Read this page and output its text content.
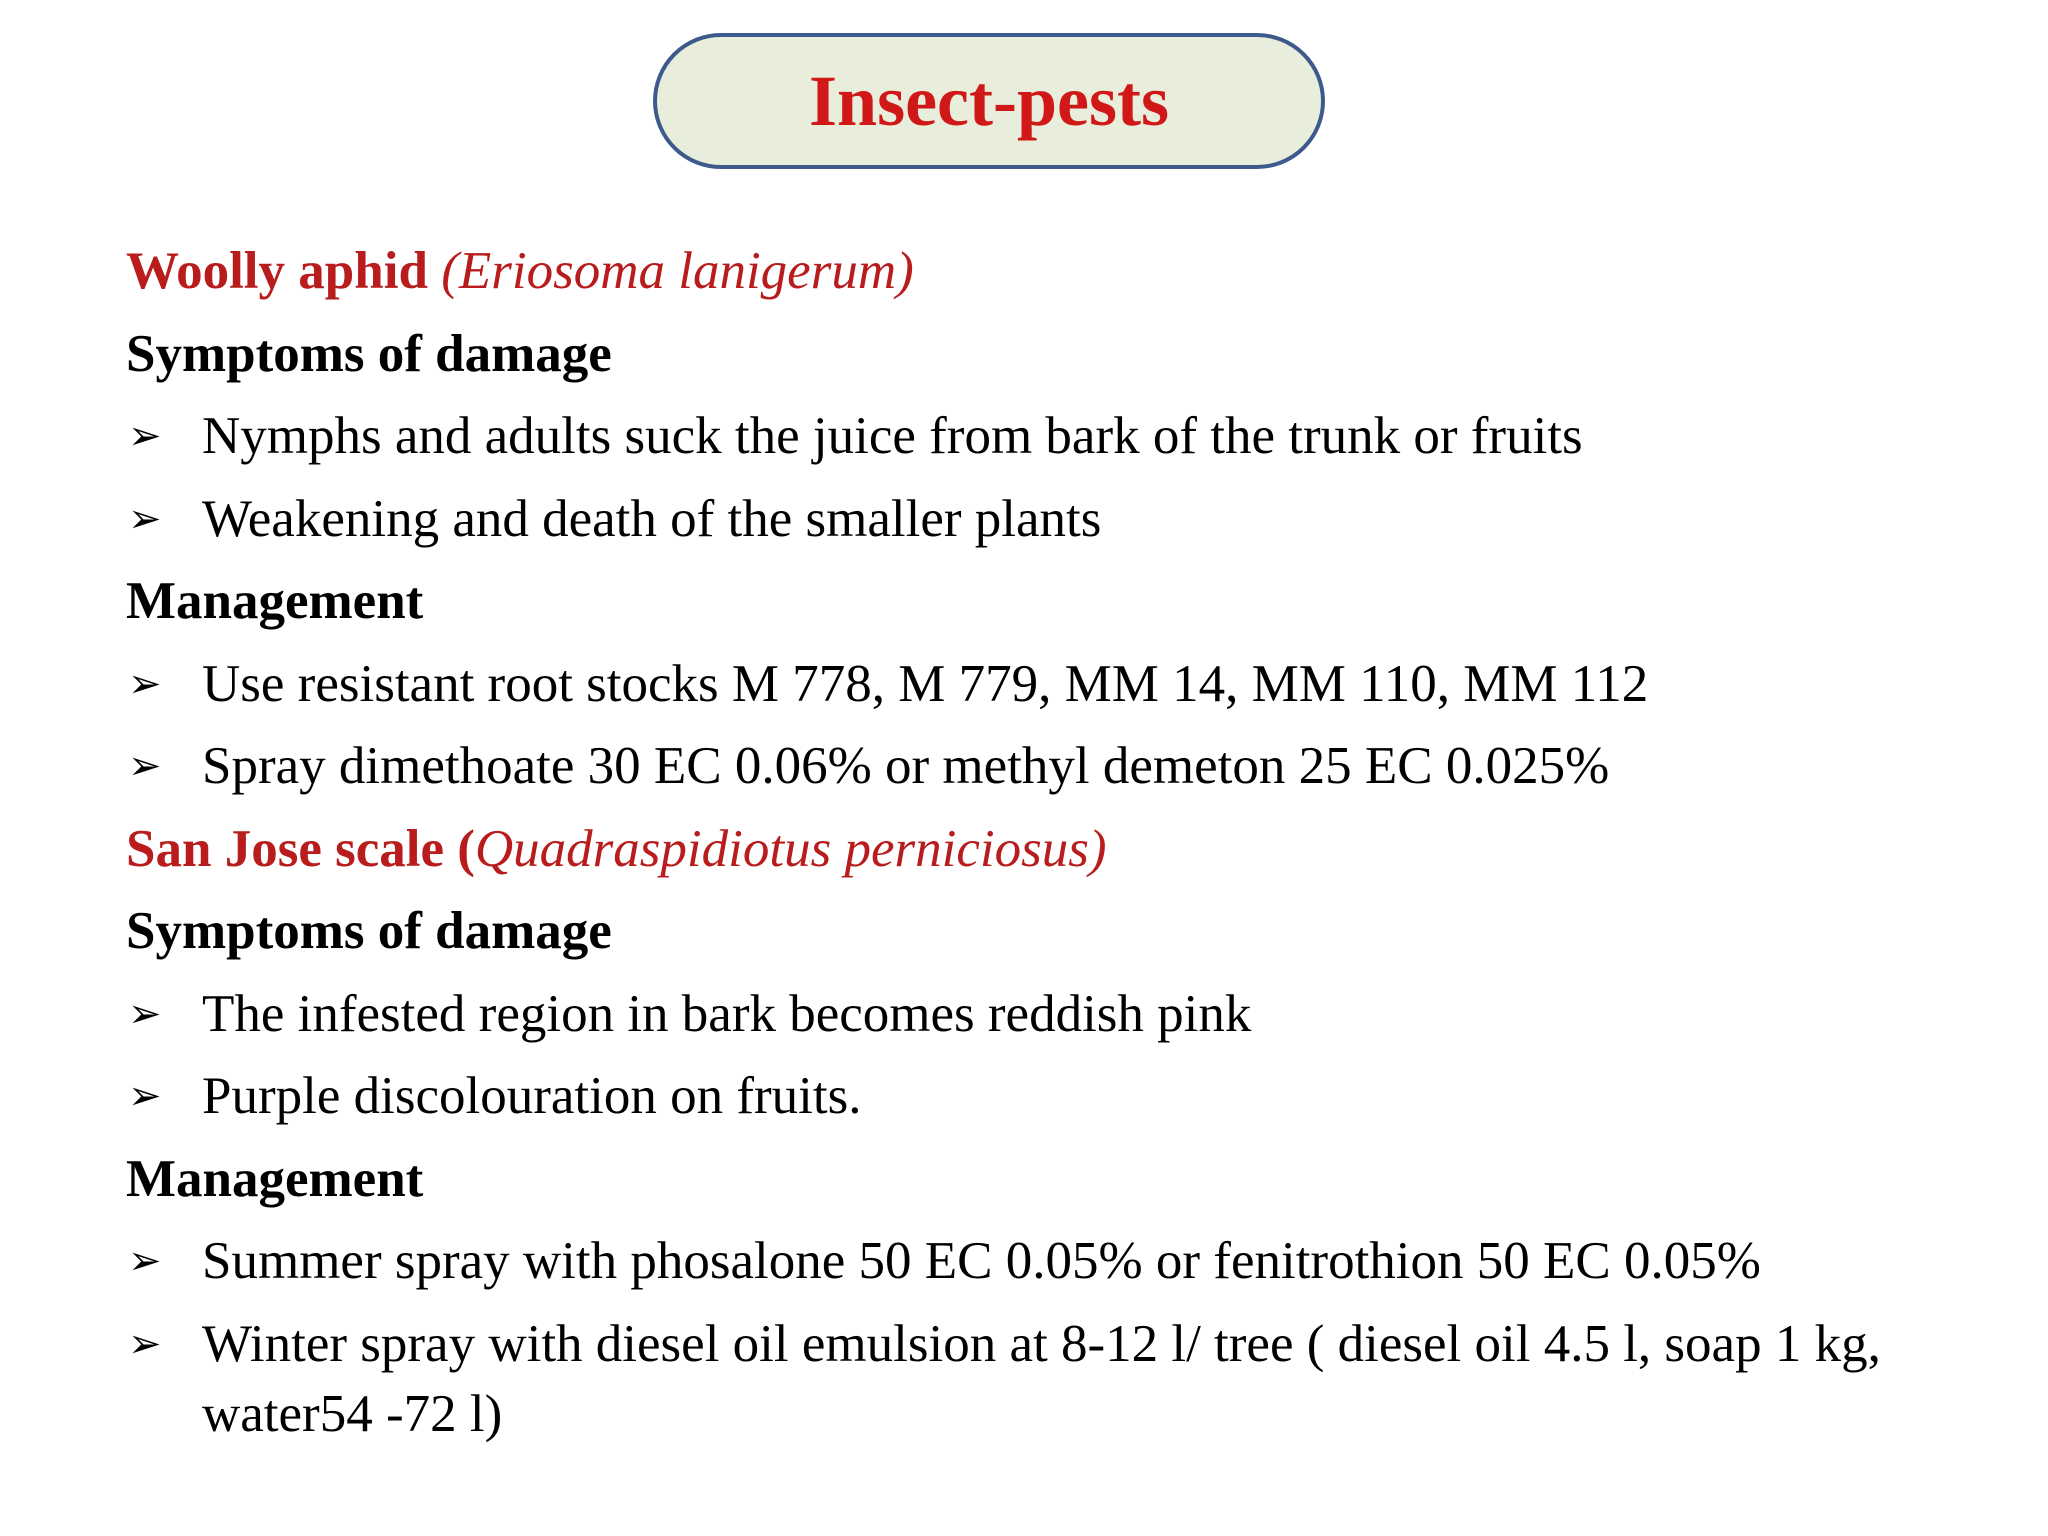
Insect-pests
Woolly aphid (Eriosoma lanigerum)
Symptoms of damage
➢ Nymphs and adults suck the juice from bark of the trunk or fruits
➢ Weakening and death of the smaller plants
Management
➢ Use resistant root stocks M 778, M 779, MM 14, MM 110, MM 112
➢ Spray dimethoate 30 EC 0.06% or methyl demeton 25 EC 0.025%
San Jose scale (Quadraspidiotus perniciosus)
Symptoms of damage
➢ The infested region in bark becomes reddish pink
➢ Purple discolouration on fruits.
Management
➢ Summer spray with phosalone 50 EC 0.05% or fenitrothion 50 EC 0.05%
➢ Winter spray with diesel oil emulsion at 8-12 l/ tree ( diesel oil 4.5 l, soap 1 kg, water54 -72 l)
